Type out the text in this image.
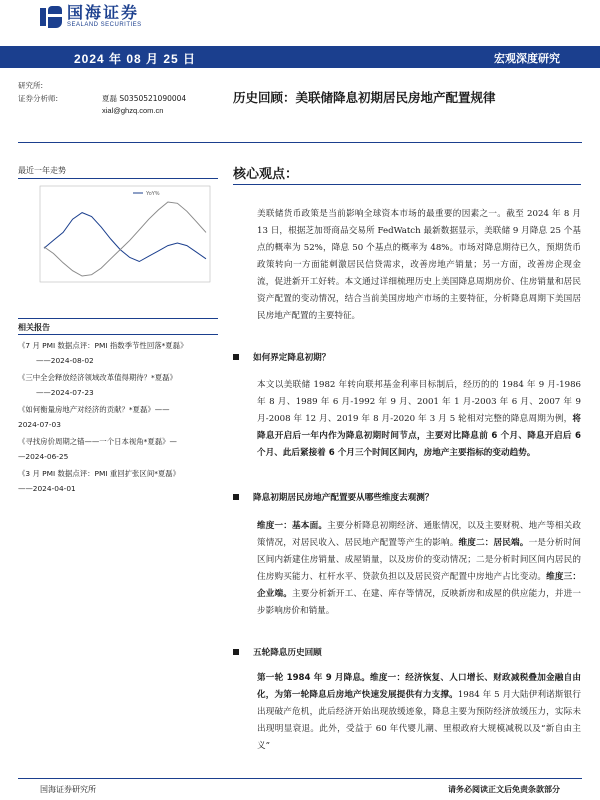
国海证券
SEALAND SECURITIES
2024 年 08 月 25 日	宏观深度研究
研究所:
证券分析师:	夏磊 S0350521090004
xial@ghzq.com.cn
历史回顾：美联储降息初期居民房地产配置规律
最近一年走势
YoY%
相关报告
《7 月 PMI 数据点评：PMI 指数季节性回落*夏磊》
——2024-08-02
《三中全会释放经济领域改革值得期待？*夏磊》
——2024-07-23
《如何衡量房地产对经济的贡献？*夏磊》——
2024-07-03
《寻找房价周期之锚——一个日本视角*夏磊》—
—2024-06-25
《3 月 PMI 数据点评：PMI 重回扩张区间*夏磊》
——2024-04-01
核心观点：
美联储货币政策是当前影响全球资本市场的最重要的因素之一。截至 2024 年 8 月 13 日，根据芝加哥商品交易所 FedWatch 最新数据显示，美联储 9 月降息 25 个基点的概率为 52%，降息 50 个基点的概率为 48%。市场对降息期待已久，预期货币政策转向一方面能刺激居民信贷需求，改善房地产销量；另一方面，改善房企现金流，促进新开工好转。本文通过详细梳理历史上美国降息周期房价、住房销量和居民资产配置的变动情况，结合当前美国房地产市场的主要特征，分析降息周期下美国居民房地产配置的主要特征。
如何界定降息初期？
本文以美联储 1982 年转向联邦基金利率目标制后，经历的的 1984 年 9 月-1986 年 8 月、1989 年 6 月-1992 年 9 月、2001 年 1 月-2003 年 6 月、2007 年 9 月-2008 年 12 月、2019 年 8 月-2020 年 3 月 5 轮相对完整的降息周期为例，将降息开启后一年内作为降息初期时间节点，主要对比降息前 6 个月、降息开启后 6 个月、此后紧接着 6 个月三个时间区间内，房地产主要指标的变动趋势。
降息初期居民房地产配置要从哪些维度去观测？
维度一：基本面。主要分析降息初期经济、通胀情况，以及主要财税、地产等相关政策情况，对居民收入、居民地产配置等产生的影响。维度二：居民端。一是分析时间区间内新建住房销量、成屋销量，以及房价的变动情况；二是分析时间区间内居民的住房购买能力、杠杆水平、贷款负担以及居民资产配置中房地产占比变动。维度三：企业端。主要分析新开工、在建、库存等情况，反映新房和成屋的供应能力，并进一步影响房价和销量。
五轮降息历史回顾
第一轮 1984 年 9 月降息。维度一：经济恢复、人口增长、财政减税叠加金融自由化，为第一轮降息后房地产快速发展提供有力支撑。1984 年 5 月大陆伊利诺斯银行出现破产危机，此后经济开始出现放缓迹象，降息主要为预防经济放缓压力，实际未出现明显衰退。此外，受益于 60 年代婴儿潮、里根政府大规模减税以及“新自由主义”
国海证券研究所	请务必阅读正文后免责条款部分
